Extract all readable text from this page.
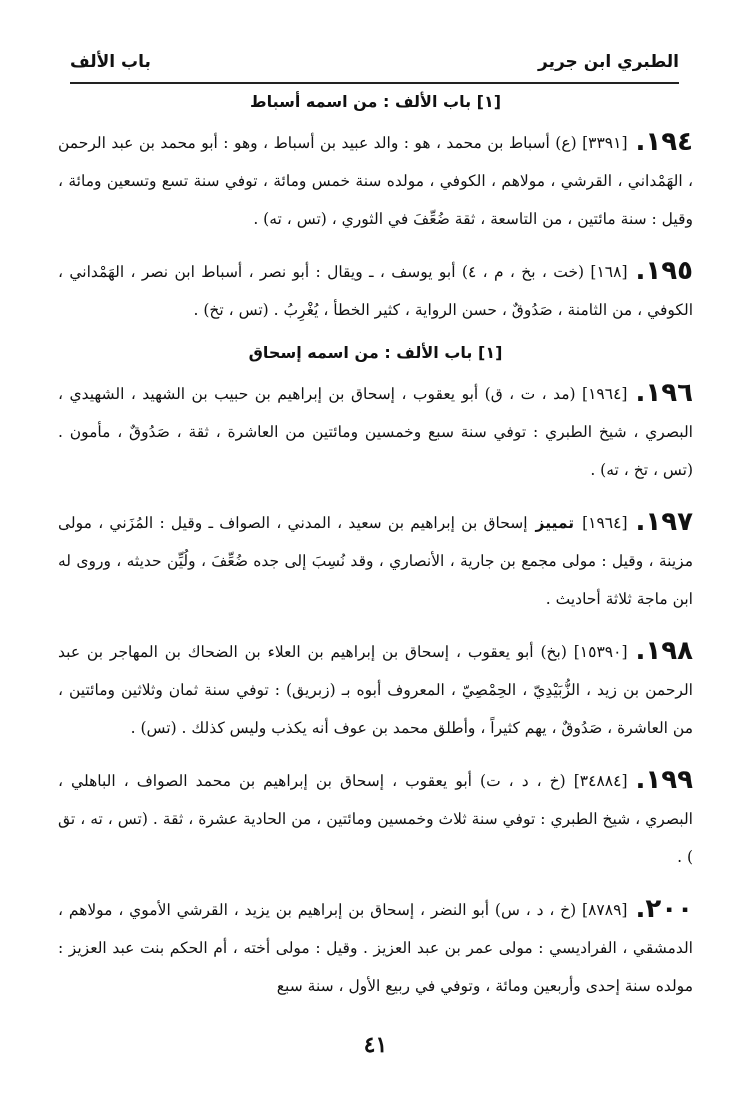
الطبري ابن جرير
باب الألف
[١] باب الألف : من اسمه أسباط

١٩٤.[٣٣٩١] (ع) أسباط بن محمد ، هو : والد عبيد بن أسباط ، وهو : أبو محمد بن عبد الرحمن ، الهَمْداني ، القرشي ، مولاهم ، الكوفي ، مولده سنة خمس ومائة ، توفي سنة تسع وتسعين ومائة ، وقيل : سنة مائتين ، من التاسعة ، ثقة ضُعِّفَ في الثوري ، (تس ، ته) .

١٩٥.[١٦٨] (خت ، بخ ، م ، ٤) أبو يوسف ، ـ ويقال : أبو نصر ، أسباط ابن نصر ، الهَمْداني ، الكوفي ، من الثامنة ، صَدُوقٌ ، حسن الرواية ، كثير الخطأ ، يُغْرِبُ . (تس ، تخ) .

[١] باب الألف : من اسمه إسحاق

١٩٦.[١٩٦٤] (مد ، ت ، ق) أبو يعقوب ، إسحاق بن إبراهيم بن حبيب بن الشهيد ، الشهيدي ، البصري ، شيخ الطبري : توفي سنة سبع وخمسين ومائتين من العاشرة ، ثقة ، صَدُوقٌ ، مأمون . (تس ، تخ ، ته) .

١٩٧.[١٩٦٤]تمييزإسحاق بن إبراهيم بن سعيد ، المدني ، الصواف ـ وقيل : المُزَني ، مولى مزينة ، وقيل : مولى مجمع بن جارية ، الأنصاري ، وقد نُسِبَ إلى جده ضُعِّفَ ، ولُيِّن حديثه ، وروى له ابن ماجة ثلاثة أحاديث .

١٩٨.[١٥٣٩٠] (بخ) أبو يعقوب ، إسحاق بن إبراهيم بن العلاء بن الضحاك بن المهاجر بن عبد الرحمن بن زيد ، الزُّبَيْدِيّ ، الحِمْصِيّ ، المعروف أبوه بـ (زبريق) : توفي سنة ثمان وثلاثين ومائتين ، من العاشرة ، صَدُوقٌ ، يهم كثيراً ، وأطلق محمد بن عوف أنه يكذب وليس كذلك . (تس) .

١٩٩.[٣٤٨٨٤] (خ ، د ، ت) أبو يعقوب ، إسحاق بن إبراهيم بن محمد الصواف ، الباهلي ، البصري ، شيخ الطبري : توفي سنة ثلاث وخمسين ومائتين ، من الحادية عشرة ، ثقة . (تس ، ته ، تق ) .

٢٠٠.[٨٧٨٩] (خ ، د ، س) أبو النضر ، إسحاق بن إبراهيم بن يزيد ، القرشي الأموي ، مولاهم ، الدمشقي ، الفراديسي : مولى عمر بن عبد العزيز . وقيل : مولى أخته ، أم الحكم بنت عبد العزيز : مولده سنة إحدى وأربعين ومائة ، وتوفي في ربيع الأول ، سنة سبع

٤١
